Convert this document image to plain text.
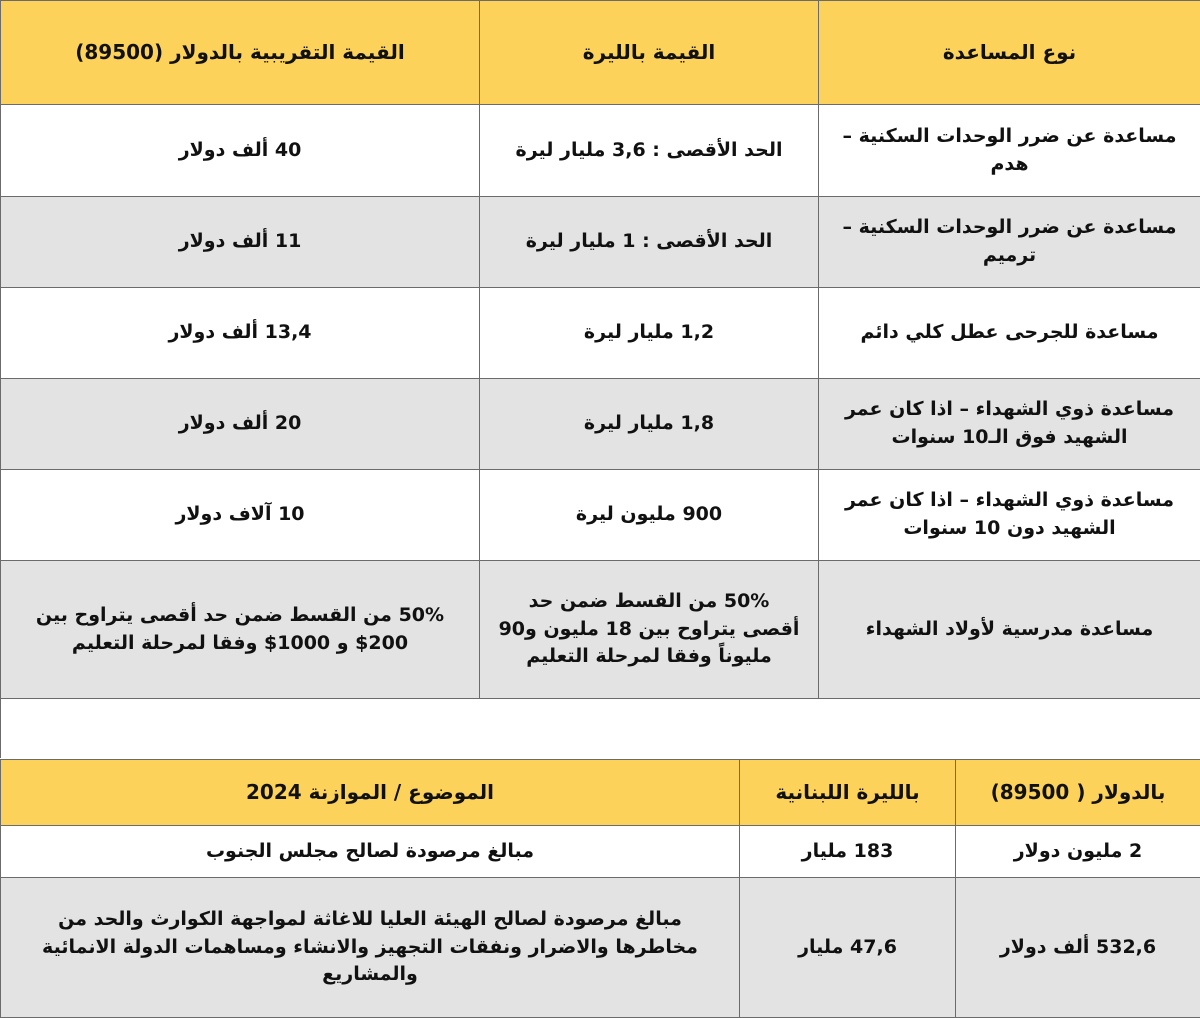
نوع المساعدة	القيمة بالليرة	القيمة التقريبية بالدولار (89500)
مساعدة عن ضرر الوحدات السكنية – هدم	الحد الأقصى : 3,6 مليار ليرة	40 ألف دولار
مساعدة عن ضرر الوحدات السكنية – ترميم	الحد الأقصى : 1 مليار ليرة	11 ألف دولار
مساعدة للجرحى عطل كلي دائم	1,2 مليار ليرة	13,4 ألف دولار
مساعدة ذوي الشهداء – اذا كان عمر الشهيد فوق الـ10 سنوات	1,8 مليار ليرة	20 ألف دولار
مساعدة ذوي الشهداء – اذا كان عمر الشهيد دون 10 سنوات	900 مليون ليرة	10 آلاف دولار
مساعدة مدرسية لأولاد الشهداء	50% من القسط ضمن حد أقصى يتراوح بين 18 مليون و90 مليوناً وفقا لمرحلة التعليم	50% من القسط ضمن حد أقصى يتراوح بين 200$ و 1000$ وفقا لمرحلة التعليم
بالدولار ( 89500)	بالليرة اللبنانية	الموضوع / الموازنة 2024
2 مليون دولار	183 مليار	مبالغ مرصودة لصالح مجلس الجنوب
532,6 ألف دولار	47,6 مليار	مبالغ مرصودة لصالح الهيئة العليا للاغاثة لمواجهة الكوارث والحد من مخاطرها والاضرار ونفقات التجهيز والانشاء ومساهمات الدولة الانمائية والمشاريع
